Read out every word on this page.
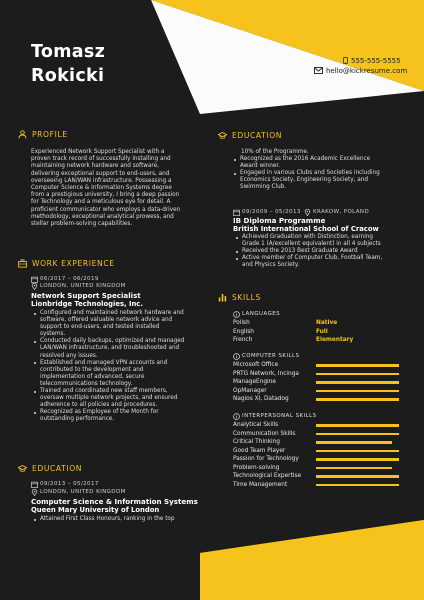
Tomasz
Rokicki
555-555-5555
hello@kickresume.com
PROFILE
Experienced Network Support Specialist with a
proven track record of successfully installing and
maintaining network hardware and software,
delivering exceptional support to end-users, and
overseeing LAN/WAN infrastructure. Possessing a
Computer Science & Information Systems degree
from a prestigious university, I bring a deep passion
for Technology and a meticulous eye for detail. A
proficient communicator who employs a data-driven
methodology, exceptional analytical prowess, and
stellar problem-solving capabilities.
WORK EXPERIENCE
06/2017 – 06/2019
LONDON, UNITED KINGDOM
Network Support Specialist
Lionbridge Technologies, Inc.
Configured and maintained network hardware and
software, offered valuable network advice and
support to end-users, and tested installed
systems.
Conducted daily backups, optimized and managed
LAN/WAN infrastructure, and troubleshooted and
resolved any issues.
Established and managed VPN accounts and
contributed to the development and
implementation of advanced, secure
telecommunications technology.
Trained and coordinated new staff members,
oversaw multiple network projects, and ensured
adherence to all policies and procedures.
Recognized as Employee of the Month for
outstanding performance.
EDUCATION
09/2013 – 05/2017
LONDON, UNITED KINGDOM
Computer Science & Information Systems
Queen Mary University of London
Attained First Class Honours, ranking in the top
EDUCATION
10% of the Programme.
Recognized as the 2016 Academic Excellence
Award winner.
Engaged in various Clubs and Societies including
Economics Society, Engineering Society, and
Swimming Club.
09/2009 – 05/2013 KRAKOW, POLAND
IB Diploma Programme
British International School of Cracow
Achieved Graduation with Distinction, earning
Grade 1 (A/excellent equivalent) in all 4 subjects
Received the 2013 Best Graduate Award
Active member of Computer Club, Football Team,
and Physics Society.
SKILLS
LANGUAGES
Polish	Native
English	Full
French	Elementary
COMPUTER SKILLS
Microsoft Office
PRTG Network, Incinga
ManageEngine
OpManager
Nagios XI, Datadog
INTERPERSONAL SKILLS
Analytical Skills
Communication Skills
Critical Thinking
Good Team Player
Passion for Technology
Problem-solving
Technological Expertise
Time Management
